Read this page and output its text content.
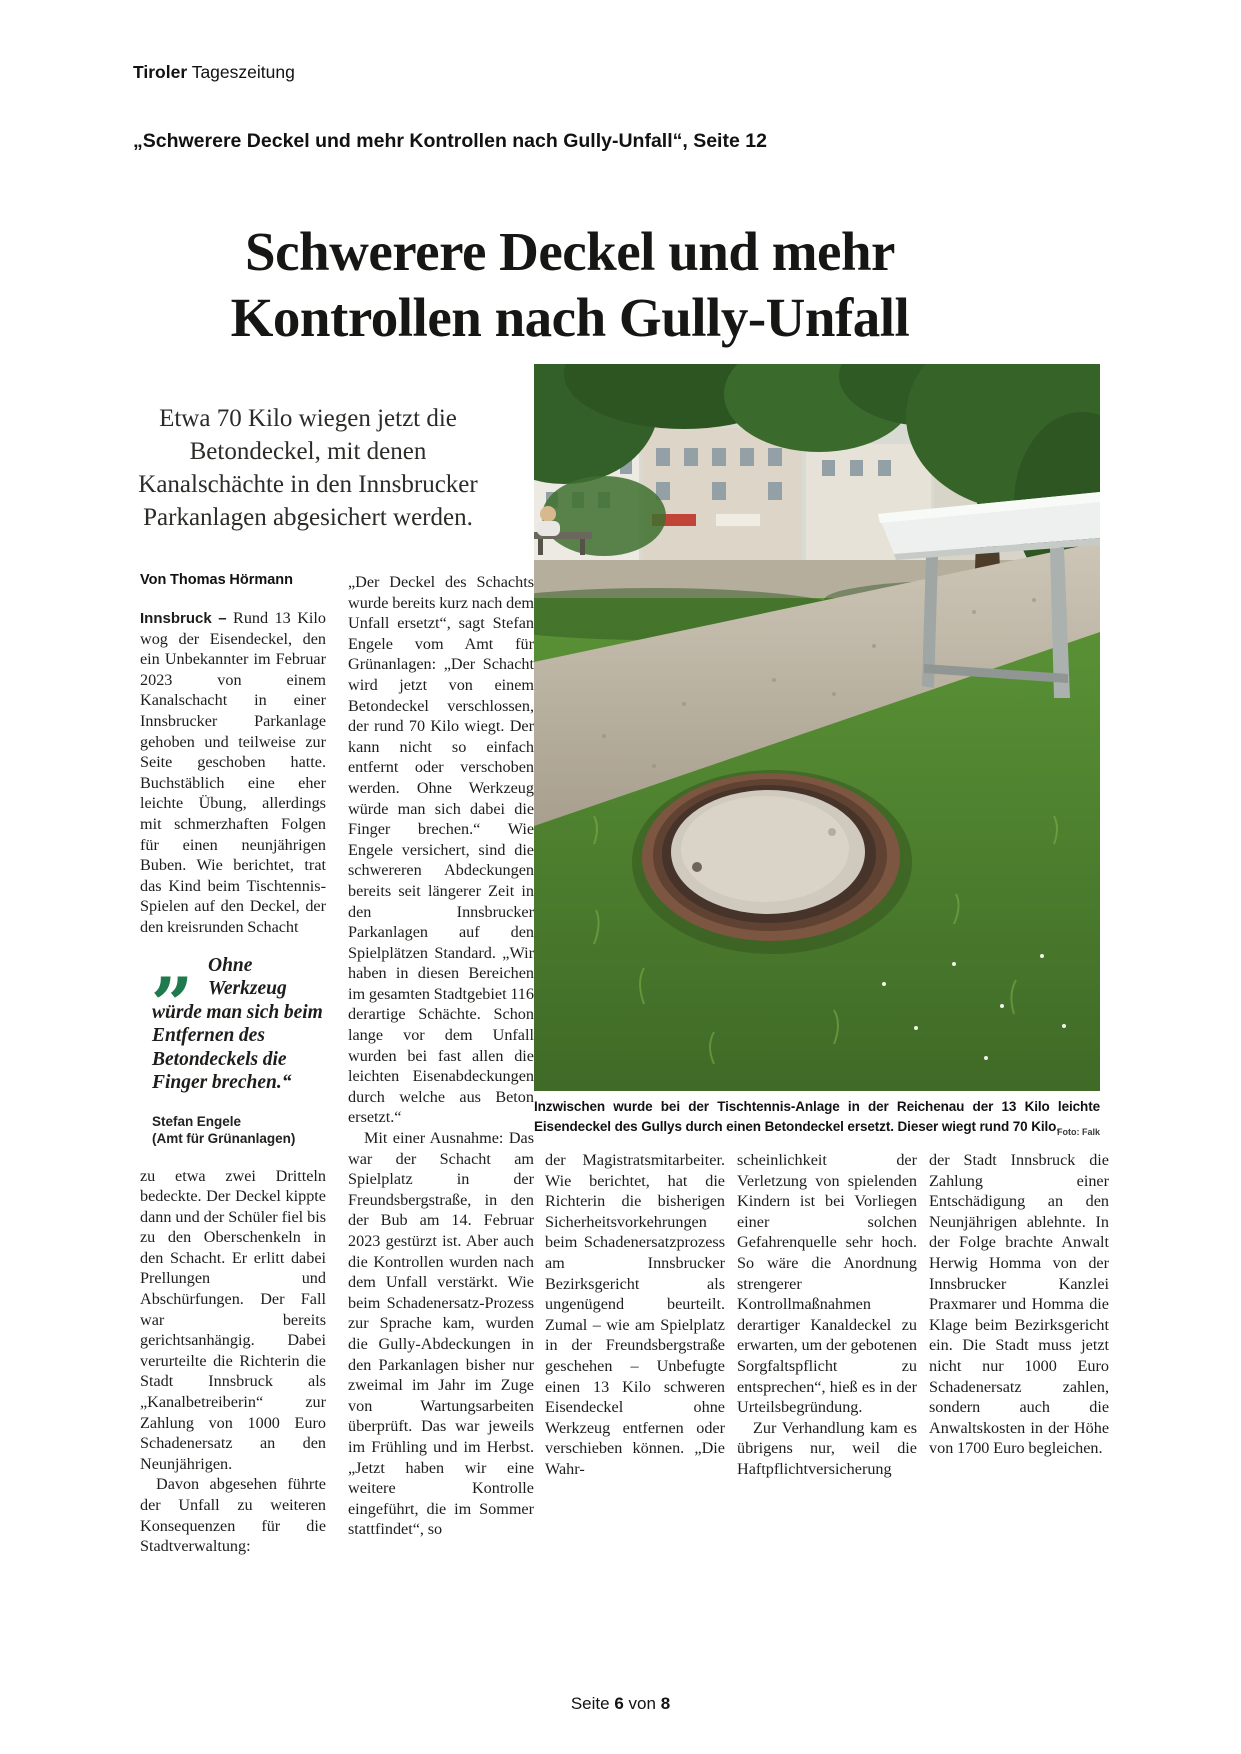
Tiroler Tageszeitung
„Schwerere Deckel und mehr Kontrollen nach Gully-Unfall“, Seite 12
Schwerere Deckel und mehr
Kontrollen nach Gully-Unfall
Etwa 70 Kilo wiegen jetzt die Betondeckel, mit denen Kanalschächte in den Innsbrucker Parkanlagen abgesichert werden.
Von Thomas Hörmann

Innsbruck – Rund 13 Kilo wog der Eisendeckel, den ein Unbekannter im Februar 2023 von einem Kanalschacht in einer Innsbrucker Parkanlage gehoben und teilweise zur Seite geschoben hatte. Buchstäblich eine eher leichte Übung, allerdings mit schmerzhaften Folgen für einen neunjährigen Buben. Wie berichtet, trat das Kind beim Tischtennis-Spielen auf den Deckel, der den kreisrunden Schacht

„ Ohne Werkzeug würde man sich beim Entfernen des Betondeckels die Finger brechen.“
Stefan Engele
(Amt für Grünanlagen)

zu etwa zwei Dritteln bedeckte. Der Deckel kippte dann und der Schüler fiel bis zu den Oberschenkeln in den Schacht. Er erlitt dabei Prellungen und Abschürfungen. Der Fall war bereits gerichtsanhängig. Dabei verurteilte die Richterin die Stadt Innsbruck als „Kanalbetreiberin“ zur Zahlung von 1000 Euro Schadenersatz an den Neunjährigen.

Davon abgesehen führte der Unfall zu weiteren Konsequenzen für die Stadtverwaltung:

„Der Deckel des Schachts wurde bereits kurz nach dem Unfall ersetzt“, sagt Stefan Engele vom Amt für Grünanlagen: „Der Schacht wird jetzt von einem Betondeckel verschlossen, der rund 70 Kilo wiegt. Der kann nicht so einfach entfernt oder verschoben werden. Ohne Werkzeug würde man sich dabei die Finger brechen.“ Wie Engele versichert, sind die schwereren Abdeckungen bereits seit längerer Zeit in den Innsbrucker Parkanlagen auf den Spielplätzen Standard. „Wir haben in diesen Bereichen im gesamten Stadtgebiet 116 derartige Schächte. Schon lange vor dem Unfall wurden bei fast allen die leichten Eisenabdeckungen durch welche aus Beton ersetzt.“

Mit einer Ausnahme: Das war der Schacht am Spielplatz in der Freundsbergstraße, in den der Bub am 14. Februar 2023 gestürzt ist. Aber auch die Kontrollen wurden nach dem Unfall verstärkt. Wie beim Schadenersatz-Prozess zur Sprache kam, wurden die Gully-Abdeckungen in den Parkanlagen bisher nur zweimal im Jahr im Zuge von Wartungsarbeiten überprüft. Das war jeweils im Frühling und im Herbst. „Jetzt haben wir eine weitere Kontrolle eingeführt, die im Sommer stattfindet“, so

Inzwischen wurde bei der Tischtennis-Anlage in der Reichenau der 13 Kilo leichte Eisendeckel des Gullys durch einen Betondeckel ersetzt. Dieser wiegt rund 70 Kilo.
Foto: Falk

der Magistratsmitarbeiter. Wie berichtet, hat die Richterin die bisherigen Sicherheitsvorkehrungen beim Schadenersatzprozess am Innsbrucker Bezirksgericht als ungenügend beurteilt. Zumal – wie am Spielplatz in der Freundsbergstraße geschehen – Unbefugte einen 13 Kilo schweren Eisendeckel ohne Werkzeug entfernen oder verschieben können. „Die Wahr-

scheinlichkeit der Verletzung von spielenden Kindern ist bei Vorliegen einer solchen Gefahrenquelle sehr hoch. So wäre die Anordnung strengerer Kontrollmaßnahmen derartiger Kanaldeckel zu erwarten, um der gebotenen Sorgfaltspflicht zu entsprechen“, hieß es in der Urteilsbegründung.

Zur Verhandlung kam es übrigens nur, weil die Haftpflichtversicherung

der Stadt Innsbruck die Zahlung einer Entschädigung an den Neunjährigen ablehnte. In der Folge brachte Anwalt Herwig Homma von der Innsbrucker Kanzlei Praxmarer und Homma die Klage beim Bezirksgericht ein. Die Stadt muss jetzt nicht nur 1000 Euro Schadenersatz zahlen, sondern auch die Anwaltskosten in der Höhe von 1700 Euro begleichen.

Seite 6 von 8
